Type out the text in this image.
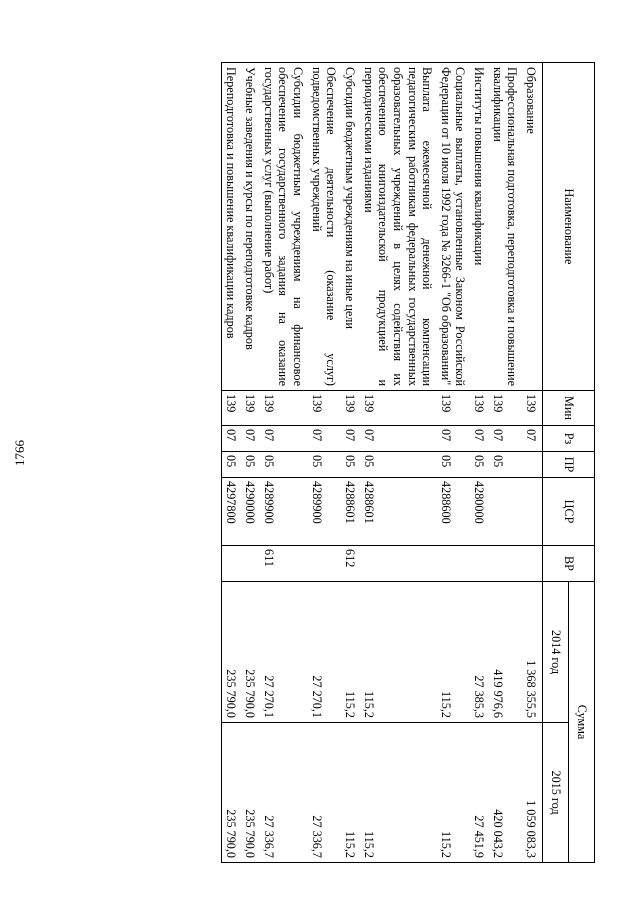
1766
Наименование	Мин	Рз	ПР	ЦСР	ВР	Сумма	
						2014 год	2015 год
Образование	139	07				1 368 355,5	1 059 083,3
Профессиональная подготовка, переподготовка и повышение квалификации	139	07	05			419 976,6	420 043,2
Институты повышения квалификации	139	07	05	4280000		27 385,3	27 451,9
Социальные выплаты, установленные Законом Российской Федерации от 10 июля 1992 года № 3266-1 "Об образовании"	139	07	05	4288600		115,2	115,2
Выплата ежемесячной денежной компенсации педагогическим работникам федеральных государственных образовательных учреждений в целях содействия их обеспечению книгоиздательской продукцией и периодическими изданиями	139	07	05	4288601		115,2	115,2
Субсидии бюджетным учреждениям на иные цели	139	07	05	4288601	612	115,2	115,2
Обеспечение деятельности (оказание услуг) подведомственных учреждений	139	07	05	4289900		27 270,1	27 336,7
Субсидии бюджетным учреждениям на финансовое обеспечение государственного задания на оказание государственных услуг (выполнение работ)	139	07	05	4289900	611	27 270,1	27 336,7
Учебные заведения и курсы по переподготовке кадров	139	07	05	4290000		235 790,0	235 790,0
Переподготовка и повышение квалификации кадров	139	07	05	4297800		235 790,0	235 790,0
